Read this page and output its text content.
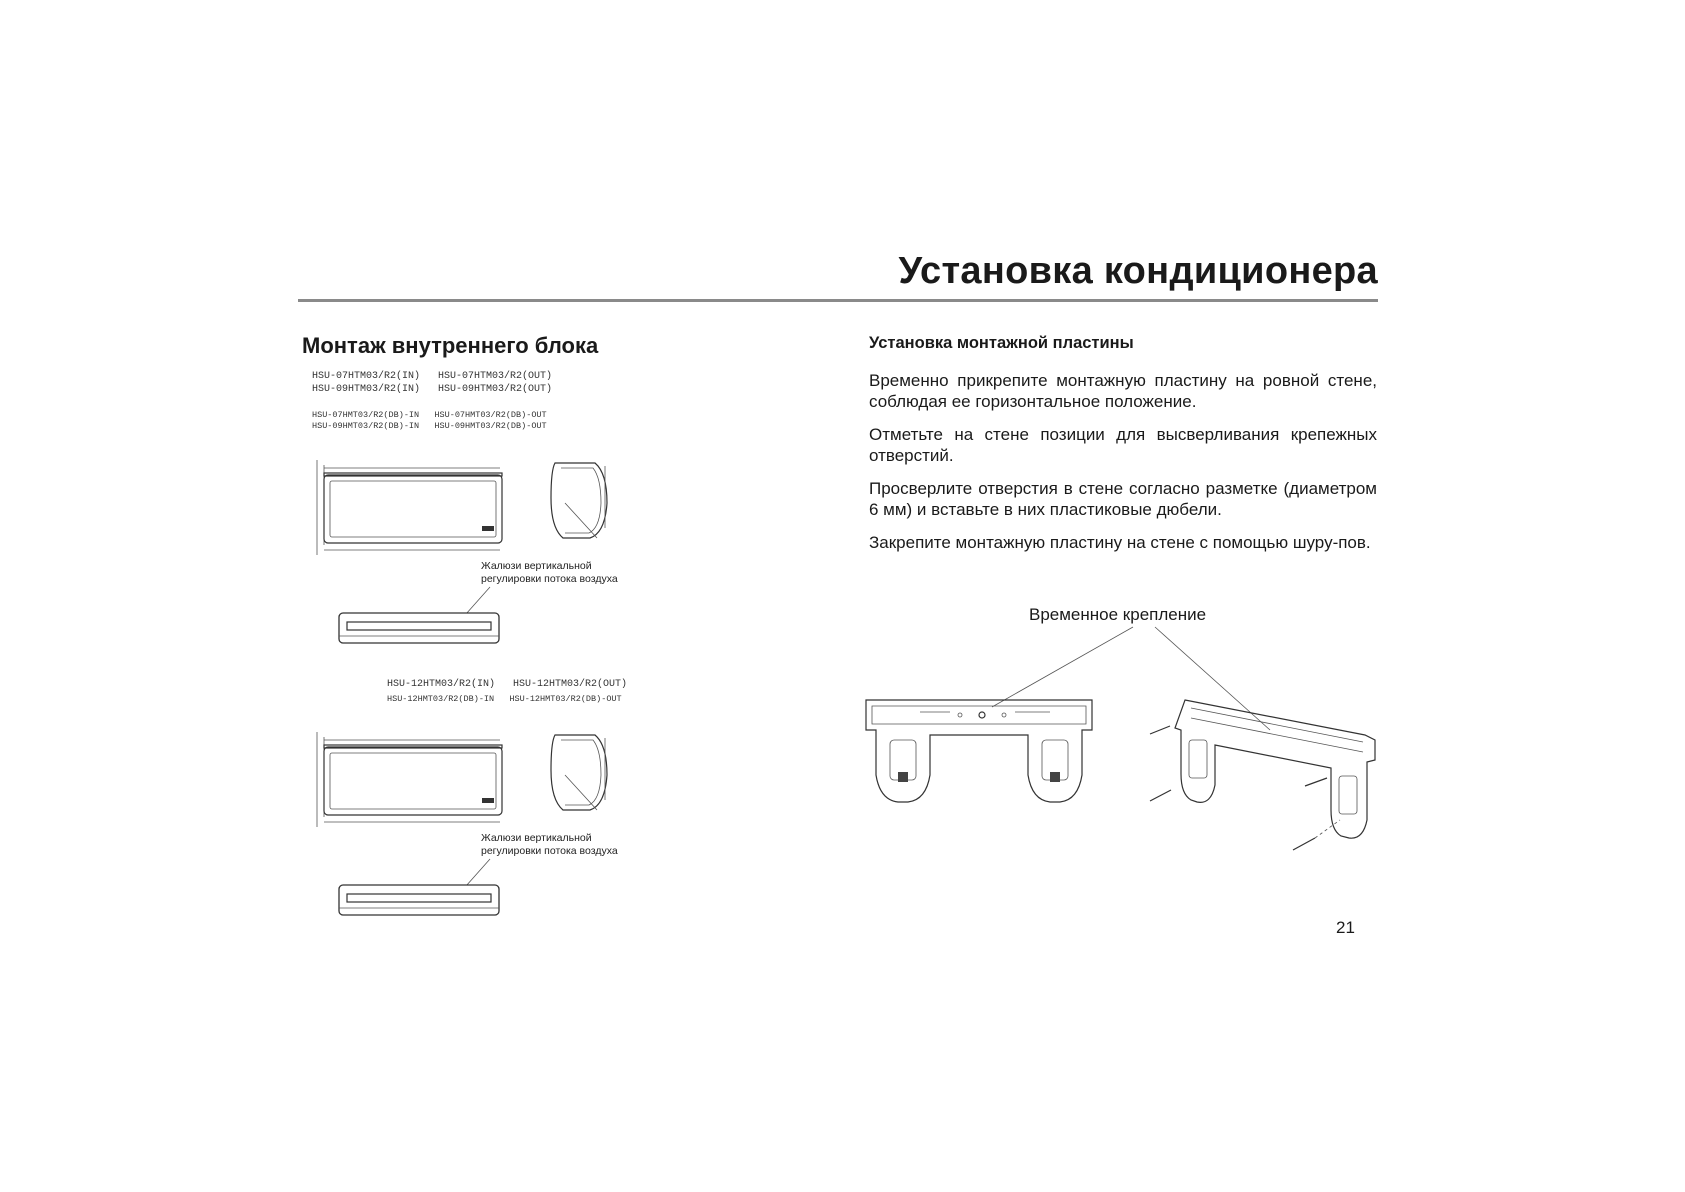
Установка кондиционера
Монтаж внутреннего блока
HSU-07HTM03/R2(IN)   HSU-07HTM03/R2(OUT)
HSU-09HTM03/R2(IN)   HSU-09HTM03/R2(OUT)
HSU-07HMT03/R2(DB)-IN   HSU-07HMT03/R2(DB)-OUT
HSU-09HMT03/R2(DB)-IN   HSU-09HMT03/R2(DB)-OUT
Жалюзи вертикальной
регулировки потока воздуха
HSU-12HTM03/R2(IN)   HSU-12HTM03/R2(OUT)
HSU-12HMT03/R2(DB)-IN   HSU-12HMT03/R2(DB)-OUT
Жалюзи вертикальной
регулировки потока воздуха
Установка монтажной пластины
Временно прикрепите монтажную пластину на ровной стене, соблюдая ее горизонтальное положение.
Отметьте на стене позиции для высверливания крепежных отверстий.
Просверлите отверстия в стене согласно разметке (диаметром 6 мм) и вставьте в них пластиковые дюбели.
Закрепите монтажную пластину на стене с помощью шуру-пов.
Временное крепление
21
